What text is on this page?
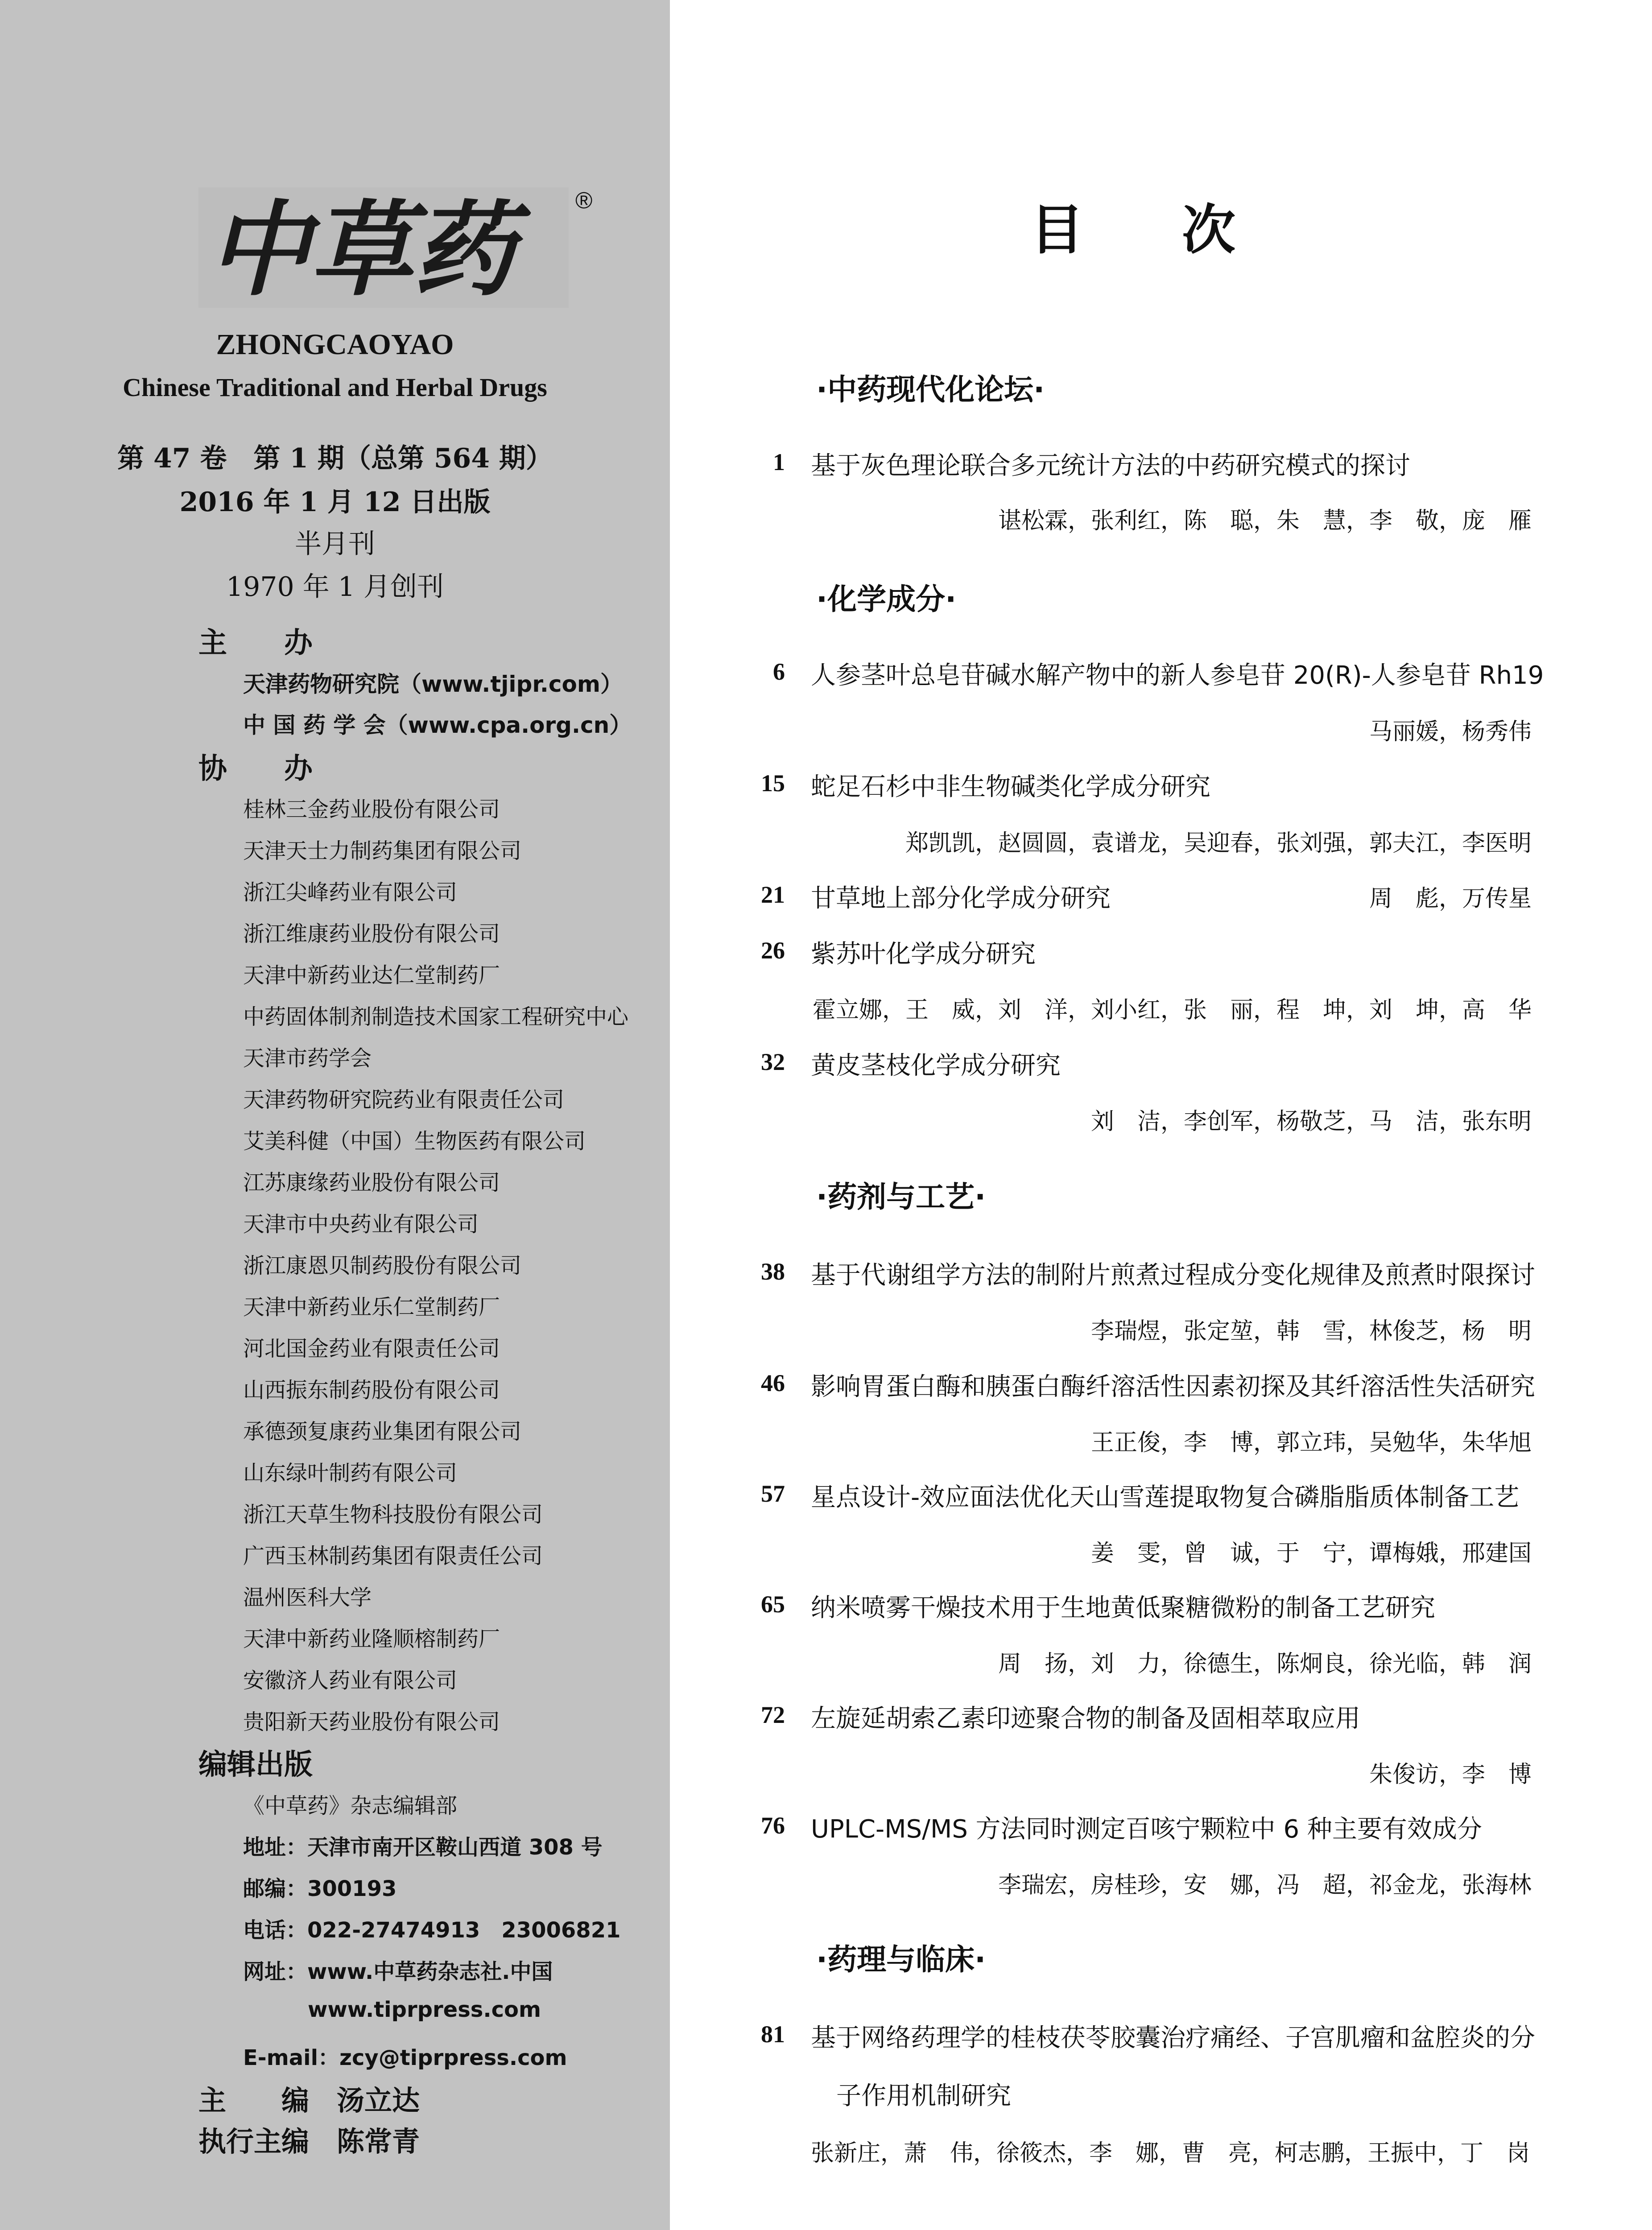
中草药	®
ZHONGCAOYAO
Chinese Traditional and Herbal Drugs
第 47 卷　第 1 期（总第 564 期）
2016 年 1 月 12 日出版
半月刊
1970 年 1 月创刊
主　　办
天津药物研究院（www.tjipr.com）
中 国 药 学 会（www.cpa.org.cn）
协　　办
桂林三金药业股份有限公司
天津天士力制药集团有限公司
浙江尖峰药业有限公司
浙江维康药业股份有限公司
天津中新药业达仁堂制药厂
中药固体制剂制造技术国家工程研究中心
天津市药学会
天津药物研究院药业有限责任公司
艾美科健（中国）生物医药有限公司
江苏康缘药业股份有限公司
天津市中央药业有限公司
浙江康恩贝制药股份有限公司
天津中新药业乐仁堂制药厂
河北国金药业有限责任公司
山西振东制药股份有限公司
承德颈复康药业集团有限公司
山东绿叶制药有限公司
浙江天草生物科技股份有限公司
广西玉林制药集团有限责任公司
温州医科大学
天津中新药业隆顺榕制药厂
安徽济人药业有限公司
贵阳新天药业股份有限公司
编辑出版
《中草药》杂志编辑部
地址：天津市南开区鞍山西道 308 号
邮编：300193
电话：022-27474913　23006821
网址：www.中草药杂志社.中国
www.tiprpress.com
E-mail：zcy@tiprpress.com
主　　编　汤立达
执行主编　陈常青
目次
·中药现代化论坛·
1 基于灰色理论联合多元统计方法的中药研究模式的探讨
谌松霖，张利红，陈　聪，朱　慧，李　敬，庞　雁
·化学成分·
6 人参茎叶总皂苷碱水解产物中的新人参皂苷 20(R)-人参皂苷 Rh19
马丽媛，杨秀伟
15 蛇足石杉中非生物碱类化学成分研究
郑凯凯，赵圆圆，袁谱龙，吴迎春，张刘强，郭夫江，李医明
21 甘草地上部分化学成分研究	周　彪，万传星
26 紫苏叶化学成分研究
霍立娜，王　威，刘　洋，刘小红，张　丽，程　坤，刘　坤，高　华
32 黄皮茎枝化学成分研究
刘　洁，李创军，杨敬芝，马　洁，张东明
·药剂与工艺·
38 基于代谢组学方法的制附片煎煮过程成分变化规律及煎煮时限探讨
李瑞煜，张定堃，韩　雪，林俊芝，杨　明
46 影响胃蛋白酶和胰蛋白酶纤溶活性因素初探及其纤溶活性失活研究
王正俊，李　博，郭立玮，吴勉华，朱华旭
57 星点设计-效应面法优化天山雪莲提取物复合磷脂脂质体制备工艺
姜　雯，曾　诚，于　宁，谭梅娥，邢建国
65 纳米喷雾干燥技术用于生地黄低聚糖微粉的制备工艺研究
周　扬，刘　力，徐德生，陈炯良，徐光临，韩　润
72 左旋延胡索乙素印迹聚合物的制备及固相萃取应用
朱俊访，李　博
76 UPLC-MS/MS 方法同时测定百咳宁颗粒中 6 种主要有效成分
李瑞宏，房桂珍，安　娜，冯　超，祁金龙，张海林
·药理与临床·
81 基于网络药理学的桂枝茯苓胶囊治疗痛经、子宫肌瘤和盆腔炎的分
子作用机制研究
张新庄，萧　伟，徐筱杰，李　娜，曹　亮，柯志鹏，王振中，丁　岗
